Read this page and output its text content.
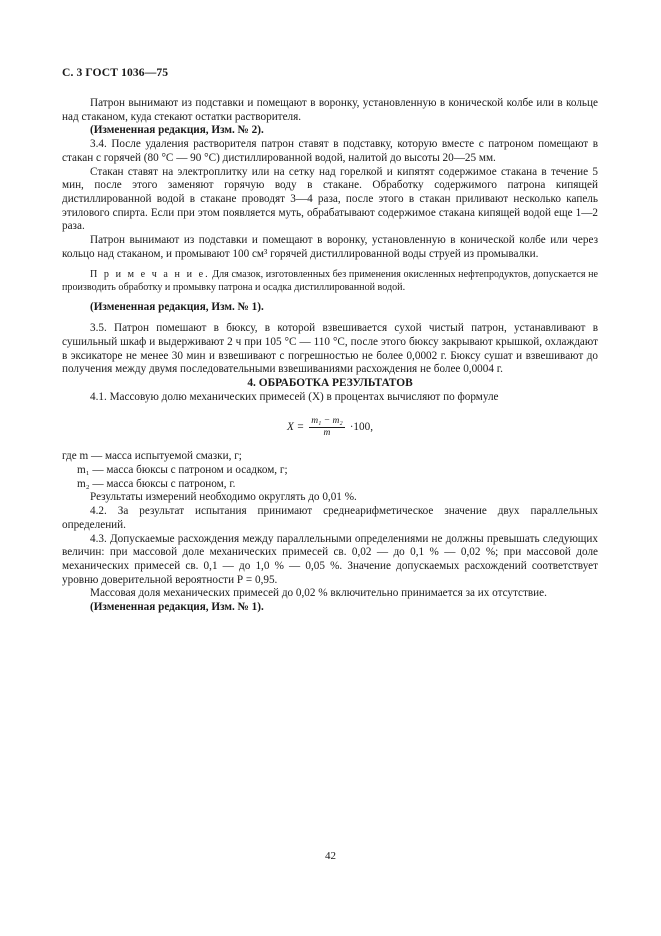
С. 3 ГОСТ 1036—75

Патрон вынимают из подставки и помещают в воронку, установленную в конической колбе или в кольце над стаканом, куда стекают остатки растворителя.

(Измененная редакция, Изм. № 2).

3.4. После удаления растворителя патрон ставят в подставку, которую вместе с патроном помещают в стакан с горячей (80 °С — 90 °С) дистиллированной водой, налитой до высоты 20—25 мм.

Стакан ставят на электроплитку или на сетку над горелкой и кипятят содержимое стакана в течение 5 мин, после этого заменяют горячую воду в стакане. Обработку содержимого патрона кипящей дистиллированной водой в стакане проводят 3—4 раза, после этого в стакан приливают несколько капель этилового спирта. Если при этом появляется муть, обрабатывают содержимое стакана кипящей водой еще 1—2 раза.

Патрон вынимают из подставки и помещают в воронку, установленную в конической колбе или через кольцо над стаканом, и промывают 100 см³ горячей дистиллированной воды струей из промывалки.

П р и м е ч а н и е. Для смазок, изготовленных без применения окисленных нефтепродуктов, допускается не производить обработку и промывку патрона и осадка дистиллированной водой.

(Измененная редакция, Изм. № 1).

3.5. Патрон помешают в бюксу, в которой взвешивается сухой чистый патрон, устанавливают в сушильный шкаф и выдерживают 2 ч при 105 °С — 110 °С, после этого бюксу закрывают крышкой, охлаждают в эксикаторе не менее 30 мин и взвешивают с погрешностью не более 0,0002 г. Бюксу сушат и взвешивают до получения между двумя последовательными взвешиваниями расхождения не более 0,0004 г.

4. ОБРАБОТКА РЕЗУЛЬТАТОВ

4.1. Массовую долю механических примесей (X) в процентах вычисляют по формуле

$X = \frac{\text{m₁ − m₂}}{m} \cdot 100$,

где m — масса испытуемой смазки, г;

m₁ — масса бюксы с патроном и осадком, г;

m₂ — масса бюксы с патроном, г.

Результаты измерений необходимо округлять до 0,01 %.

4.2. За результат испытания принимают среднеарифметическое значение двух параллельных определений.

4.3. Допускаемые расхождения между параллельными определениями не должны превышать следующих величин: при массовой доле механических примесей св. 0,02 — до 0,1 % — 0,02 %; при массовой доле механических примесей св. 0,1 — до 1,0 % — 0,05 %. Значение допускаемых расхождений соответствует уровню доверительной вероятности Р = 0,95.

Массовая доля механических примесей до 0,02 % включительно принимается за их отсутствие.

(Измененная редакция, Изм. № 1).

42
